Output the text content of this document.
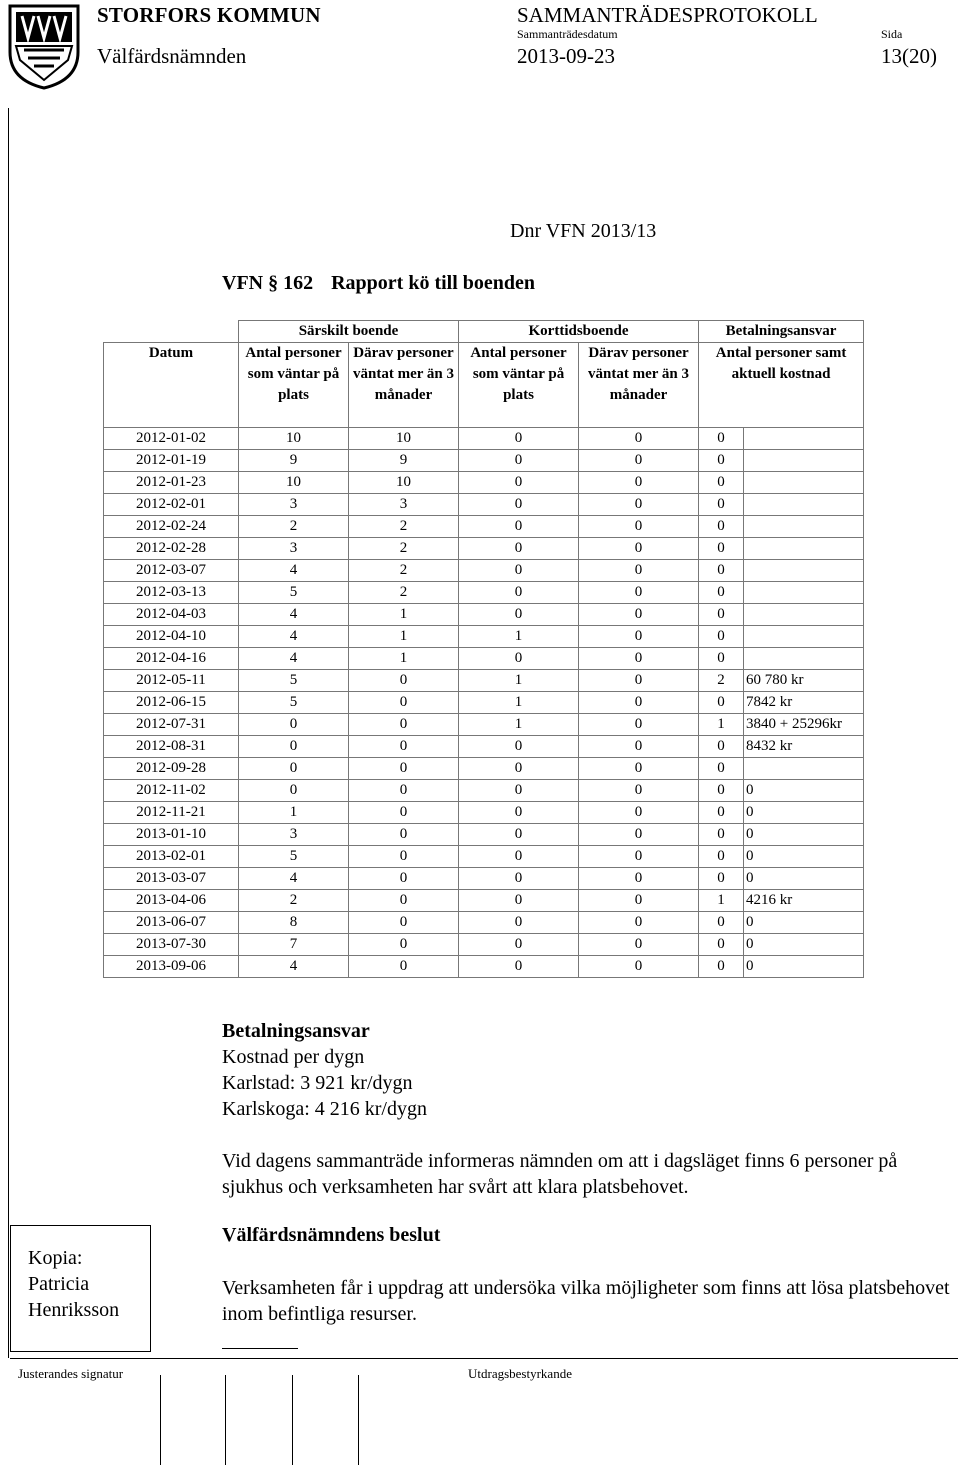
STORFORS KOMMUN	SAMMANTRÄDESPROTOKOLL
Sammanträdesdatum	Sida
Välfärdsnämnden	2013-09-23	13(20)
Dnr VFN 2013/13
VFN § 162 Rapport kö till boenden
	Särskilt boende		Korttidsboende		Betalningsansvar	
Datum	Antal personer som väntar på plats	Därav personer väntat mer än 3 månader	Antal personer som väntar på plats	Därav personer väntat mer än 3 månader	Antal personer samt aktuell kostnad	
2012-01-02	10	10	0	0	0	
2012-01-19	9	9	0	0	0	
2012-01-23	10	10	0	0	0	
2012-02-01	3	3	0	0	0	
2012-02-24	2	2	0	0	0	
2012-02-28	3	2	0	0	0	
2012-03-07	4	2	0	0	0	
2012-03-13	5	2	0	0	0	
2012-04-03	4	1	0	0	0	
2012-04-10	4	1	1	0	0	
2012-04-16	4	1	0	0	0	
2012-05-11	5	0	1	0	2	60 780 kr
2012-06-15	5	0	1	0	0	7842 kr
2012-07-31	0	0	1	0	1	3840 + 25296kr
2012-08-31	0	0	0	0	0	8432 kr
2012-09-28	0	0	0	0	0	
2012-11-02	0	0	0	0	0	0
2012-11-21	1	0	0	0	0	0
2013-01-10	3	0	0	0	0	0
2013-02-01	5	0	0	0	0	0
2013-03-07	4	0	0	0	0	0
2013-04-06	2	0	0	0	1	4216 kr
2013-06-07	8	0	0	0	0	0
2013-07-30	7	0	0	0	0	0
2013-09-06	4	0	0	0	0	0
Betalningsansvar
Kostnad per dygn
Karlstad: 3 921 kr/dygn
Karlskoga: 4 216 kr/dygn
Vid dagens sammanträde informeras nämnden om att i dagsläget finns 6 personer på sjukhus och verksamheten har svårt att klara platsbehovet.
Välfärdsnämndens beslut
Verksamheten får i uppdrag att undersöka vilka möjligheter som finns att lösa platsbehovet inom befintliga resurser.
Kopia:
Patricia
Henriksson
Justerandes signatur	Utdragsbestyrkande
